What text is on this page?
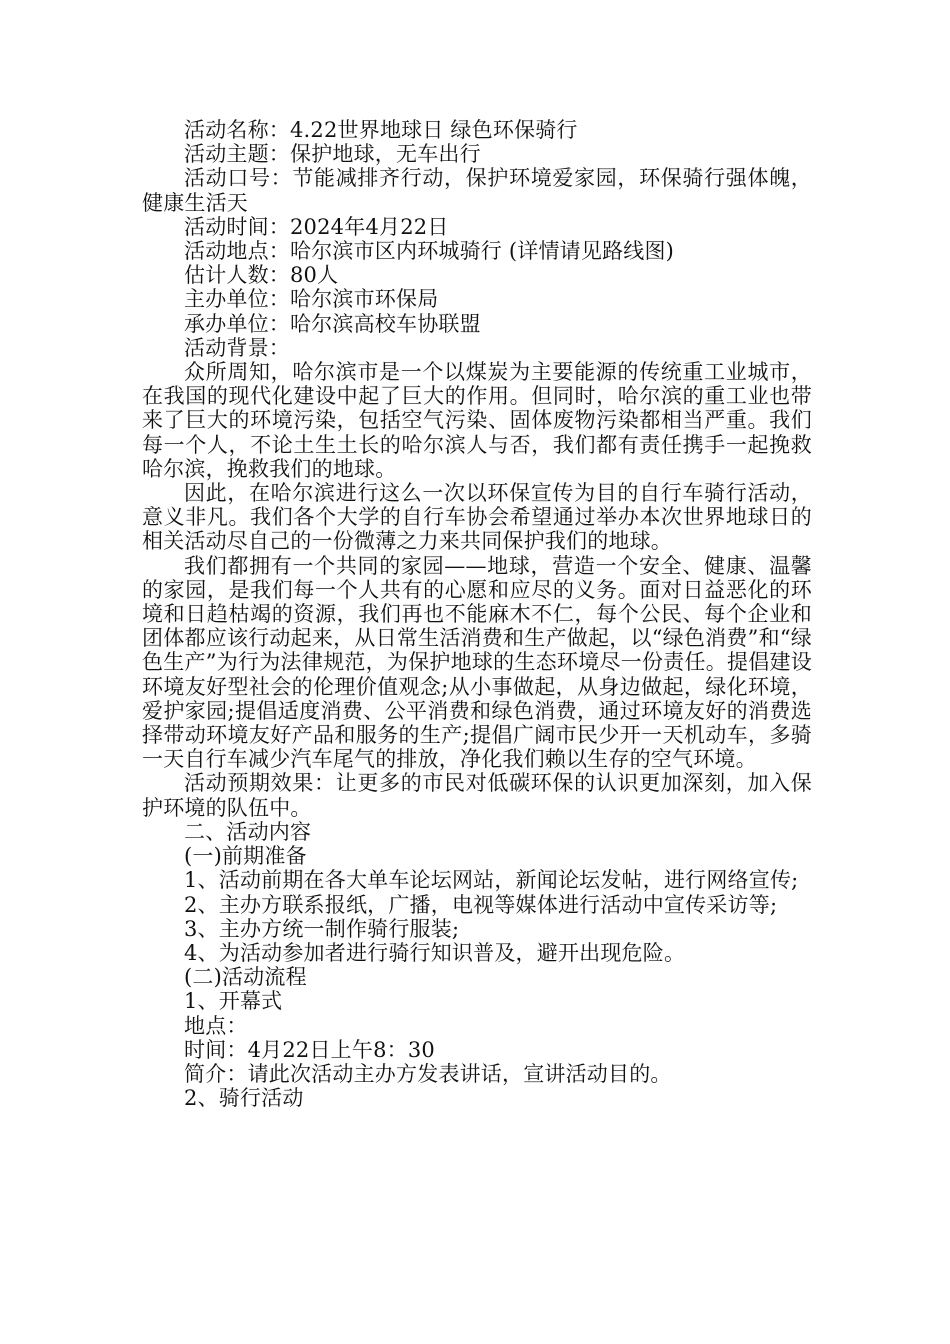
活动名称：4.22世界地球日 绿色环保骑行

活动主题：保护地球，无车出行

活动口号：节能减排齐行动，保护环境爱家园，环保骑行强体魄，健康生活天

活动时间：2024年4月22日

活动地点：哈尔滨市区内环城骑行 (详情请见路线图)

估计人数：80人

主办单位：哈尔滨市环保局

承办单位：哈尔滨高校车协联盟

活动背景：

众所周知，哈尔滨市是一个以煤炭为主要能源的传统重工业城市，在我国的现代化建设中起了巨大的作用。但同时，哈尔滨的重工业也带来了巨大的环境污染，包括空气污染、固体废物污染都相当严重。我们每一个人，不论土生土长的哈尔滨人与否，我们都有责任携手一起挽救哈尔滨，挽救我们的地球。

因此，在哈尔滨进行这么一次以环保宣传为目的自行车骑行活动，意义非凡。我们各个大学的自行车协会希望通过举办本次世界地球日的相关活动尽自己的一份微薄之力来共同保护我们的地球。

我们都拥有一个共同的家园——地球，营造一个安全、健康、温馨的家园，是我们每一个人共有的心愿和应尽的义务。面对日益恶化的环境和日趋枯竭的资源，我们再也不能麻木不仁，每个公民、每个企业和团体都应该行动起来，从日常生活消费和生产做起，以“绿色消费”和“绿色生产”为行为法律规范，为保护地球的生态环境尽一份责任。提倡建设环境友好型社会的伦理价值观念;从小事做起，从身边做起，绿化环境，爱护家园;提倡适度消费、公平消费和绿色消费，通过环境友好的消费选择带动环境友好产品和服务的生产;提倡广阔市民少开一天机动车，多骑一天自行车减少汽车尾气的排放，净化我们赖以生存的空气环境。

活动预期效果：让更多的市民对低碳环保的认识更加深刻，加入保护环境的队伍中。

二、活动内容

(一)前期准备

1、活动前期在各大单车论坛网站，新闻论坛发帖，进行网络宣传;

2、主办方联系报纸，广播，电视等媒体进行活动中宣传采访等;

3、主办方统一制作骑行服装;

4、为活动参加者进行骑行知识普及，避开出现危险。

(二)活动流程

1、开幕式

地点：

时间：4月22日上午8：30

简介：请此次活动主办方发表讲话，宣讲活动目的。

2、骑行活动
